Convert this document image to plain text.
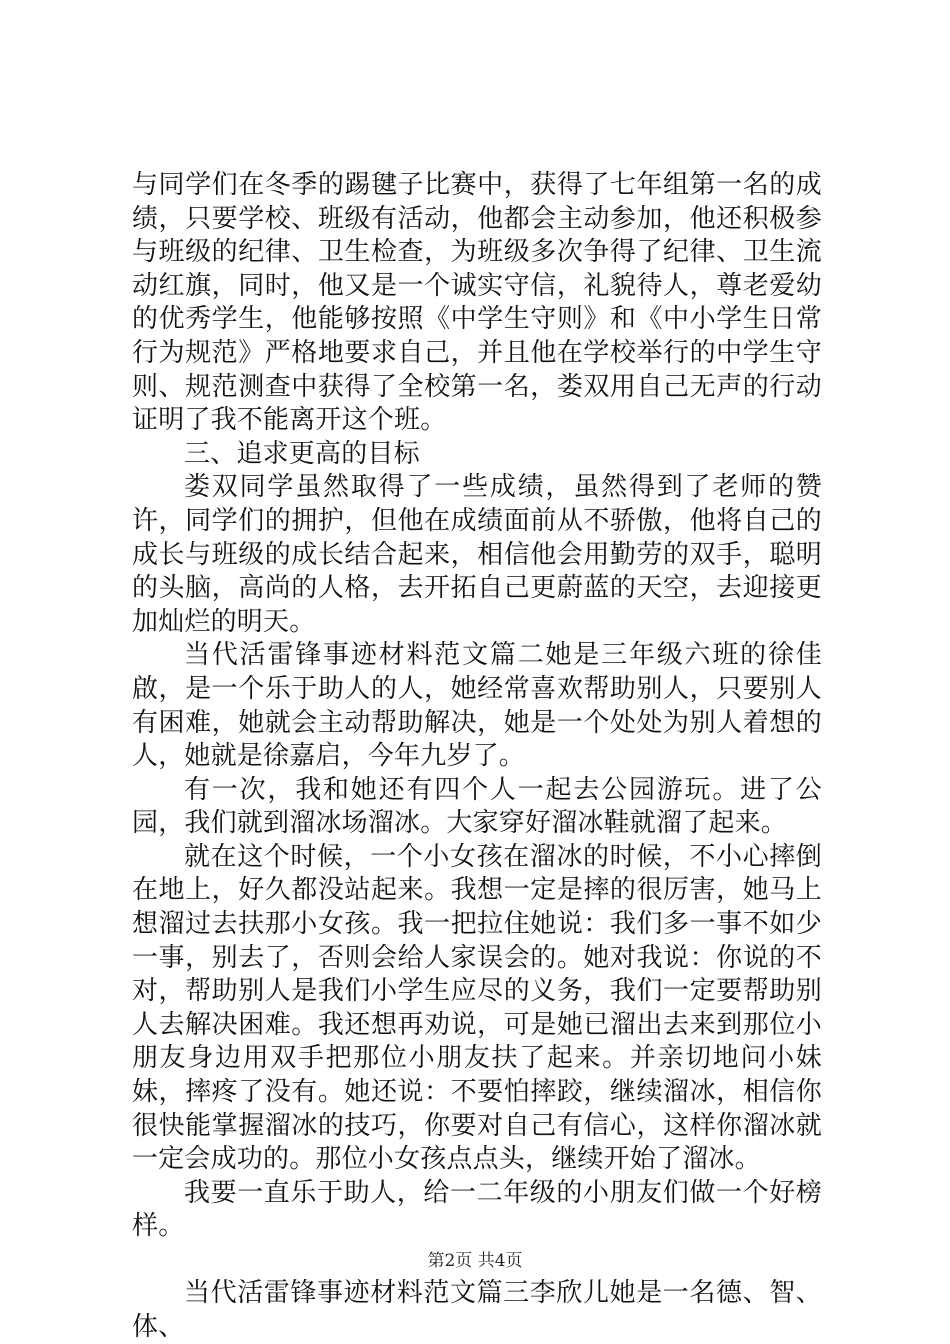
与同学们在冬季的踢毽子比赛中，获得了七年组第一名的成绩，只要学校、班级有活动，他都会主动参加，他还积极参与班级的纪律、卫生检查，为班级多次争得了纪律、卫生流动红旗，同时，他又是一个诚实守信，礼貌待人，尊老爱幼的优秀学生，他能够按照《中学生守则》和《中小学生日常行为规范》严格地要求自己，并且他在学校举行的中学生守则、规范测查中获得了全校第一名，娄双用自己无声的行动证明了我不能离开这个班。

三、追求更高的目标

娄双同学虽然取得了一些成绩，虽然得到了老师的赞许，同学们的拥护，但他在成绩面前从不骄傲，他将自己的成长与班级的成长结合起来，相信他会用勤劳的双手，聪明的头脑，高尚的人格，去开拓自己更蔚蓝的天空，去迎接更加灿烂的明天。

当代活雷锋事迹材料范文篇二她是三年级六班的徐佳啟，是一个乐于助人的人，她经常喜欢帮助别人，只要别人有困难，她就会主动帮助解决，她是一个处处为别人着想的人，她就是徐嘉启，今年九岁了。

有一次，我和她还有四个人一起去公园游玩。进了公园，我们就到溜冰场溜冰。大家穿好溜冰鞋就溜了起来。

就在这个时候，一个小女孩在溜冰的时候，不小心摔倒在地上，好久都没站起来。我想一定是摔的很厉害，她马上想溜过去扶那小女孩。我一把拉住她说：我们多一事不如少一事，别去了，否则会给人家误会的。她对我说：你说的不对，帮助别人是我们小学生应尽的义务，我们一定要帮助别人去解决困难。我还想再劝说，可是她已溜出去来到那位小朋友身边用双手把那位小朋友扶了起来。并亲切地问小妹妹，摔疼了没有。她还说：不要怕摔跤，继续溜冰，相信你很快能掌握溜冰的技巧，你要对自己有信心，这样你溜冰就一定会成功的。那位小女孩点点头，继续开始了溜冰。

我要一直乐于助人，给一二年级的小朋友们做一个好榜样。

当代活雷锋事迹材料范文篇三李欣儿她是一名德、智、体、

第2页 共4页
